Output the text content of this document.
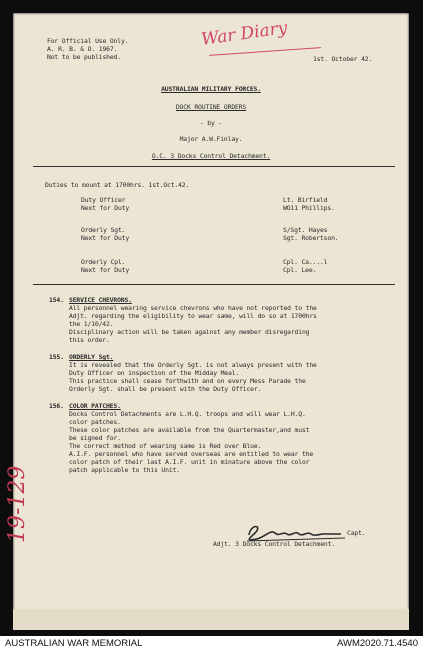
War Diary
For Official Use Only.
A. R. B. & O. 1967.
Not to be published.	1st. October 42.
AUSTRALIAN MILITARY FORCES.
DOCK ROUTINE ORDERS
- by -
Major A.W.Finlay.
O.C. 3 Docks Control Detachment.
Duties to mount at 1700hrs. 1st.Oct.42.
Duty Officer	Lt. Birfield
Next for Duty	WO11 Phillips.
Orderly Sgt.	S/Sgt. Hayes
Next for Duty	Sgt. Robertson.
Orderly Cpl.	Cpl. Ca....l
Next for Duty	Cpl. Lee.
154. SERVICE CHEVRONS.
All personnel wearing service chevrons who have not reported to the
Adjt. regarding the eligibility to wear same, will do so at 1700hrs
the 1/10/42.
Disciplinary action will be taken against any member disregarding
this order.
155. ORDERLY Sgt.
It is revealed that the Orderly Sgt. is not always present with the
Duty Officer on inspection of the Midday Meal.
This practice shall cease forthwith and on every Mess Parade the
Orderly Sgt. shall be present with the Duty Officer.
156. COLOR PATCHES.
Docks Control Detachments are L.H.Q. troops and will wear L.H.Q.
color patches.
These color patches are available from the Quartermaster,and must
be signed for.
The correct method of wearing same is Red over Blue.
A.I.F. personnel who have served overseas are entitled to wear the
color patch of their last A.I.F. unit in minature above the color
patch applicable to this Unit.
Capt.
Adjt. 3 Docks Control Detachment.
19-129
AUSTRALIAN WAR MEMORIAL	AWM2020.71.4540
